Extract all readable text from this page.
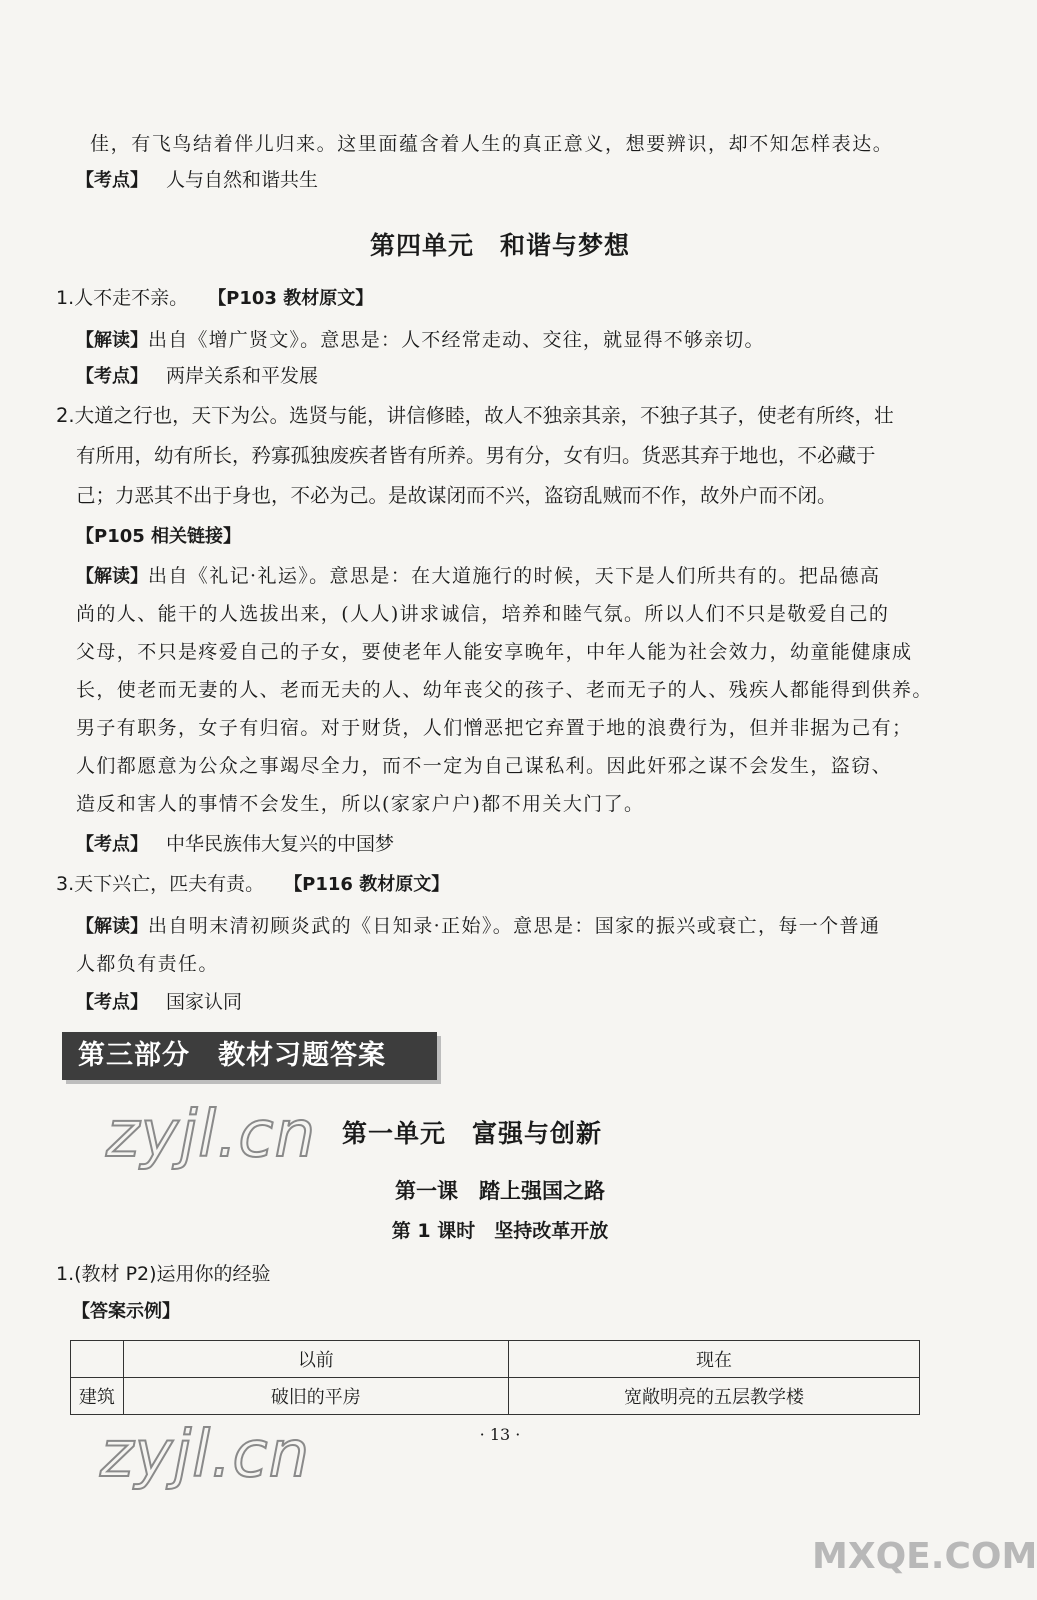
佳，有飞鸟结着伴儿归来。这里面蕴含着人生的真正意义，想要辨识，却不知怎样表达。
【考点】 人与自然和谐共生
第四单元　和谐与梦想
1.人不走不亲。 【P103 教材原文】
【解读】出自《增广贤文》。意思是：人不经常走动、交往，就显得不够亲切。
【考点】 两岸关系和平发展
2.大道之行也，天下为公。选贤与能，讲信修睦，故人不独亲其亲，不独子其子，使老有所终，壮
有所用，幼有所长，矜寡孤独废疾者皆有所养。男有分，女有归。货恶其弃于地也，不必藏于
己；力恶其不出于身也，不必为己。是故谋闭而不兴，盗窃乱贼而不作，故外户而不闭。
【P105 相关链接】
【解读】出自《礼记·礼运》。意思是：在大道施行的时候，天下是人们所共有的。把品德高
尚的人、能干的人选拔出来，(人人)讲求诚信，培养和睦气氛。所以人们不只是敬爱自己的
父母，不只是疼爱自己的子女，要使老年人能安享晚年，中年人能为社会效力，幼童能健康成
长，使老而无妻的人、老而无夫的人、幼年丧父的孩子、老而无子的人、残疾人都能得到供养。
男子有职务，女子有归宿。对于财货，人们憎恶把它弃置于地的浪费行为，但并非据为己有；
人们都愿意为公众之事竭尽全力，而不一定为自己谋私利。因此奸邪之谋不会发生，盗窃、
造反和害人的事情不会发生，所以(家家户户)都不用关大门了。
【考点】 中华民族伟大复兴的中国梦
3.天下兴亡，匹夫有责。 【P116 教材原文】
【解读】出自明末清初顾炎武的《日知录·正始》。意思是：国家的振兴或衰亡，每一个普通
人都负有责任。
【考点】 国家认同
第三部分　教材习题答案
zyjl.cn 第一单元　富强与创新
第一课　踏上强国之路
第 1 课时　坚持改革开放
1.(教材 P2)运用你的经验
【答案示例】
	以前	现在
建筑	破旧的平房	宽敞明亮的五层教学楼
· 13 ·
zyjl.cn
MXQE.COM
